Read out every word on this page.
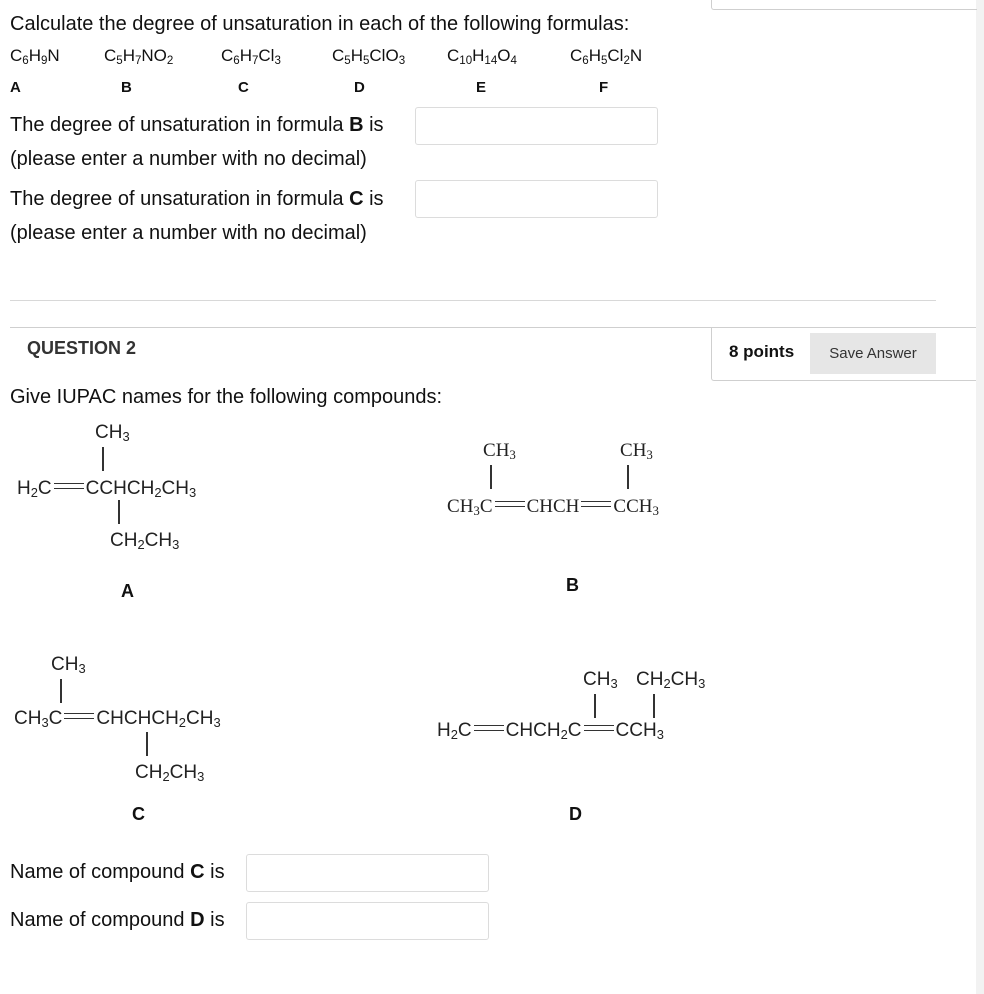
Calculate the degree of unsaturation in each of the following formulas:
$C_6H_9N$	$C_5H_7NO_2$	$C_6H_7Cl_3$	$C_5H_5ClO_3$ $C_{10}H_{14}O_4$	$C_6H_5Cl_2N$
A	B	C	D	E	F
The degree of unsaturation in formula B is
(please enter a number with no decimal)
The degree of unsaturation in formula C is
(please enter a number with no decimal)
QUESTION 2	8 points	Save Answer
Give IUPAC names for the following compounds:
$CH_3$
$H_2C$ $CCHCH_2CH_3$
$CH_2CH_3$
A
$CH_3$	$CH_3$
$CH_3C$ CHCH $CCH_3$
B
$CH_3$
$CH_3C$ $CHCHCH_2CH_3$
$CH_2CH_3$
C
$CH_3$ $CH_2CH_3$
$H_2C$ $CHCH_2C$ $CCH_3$
D
Name of compound C is
Name of compound D is
